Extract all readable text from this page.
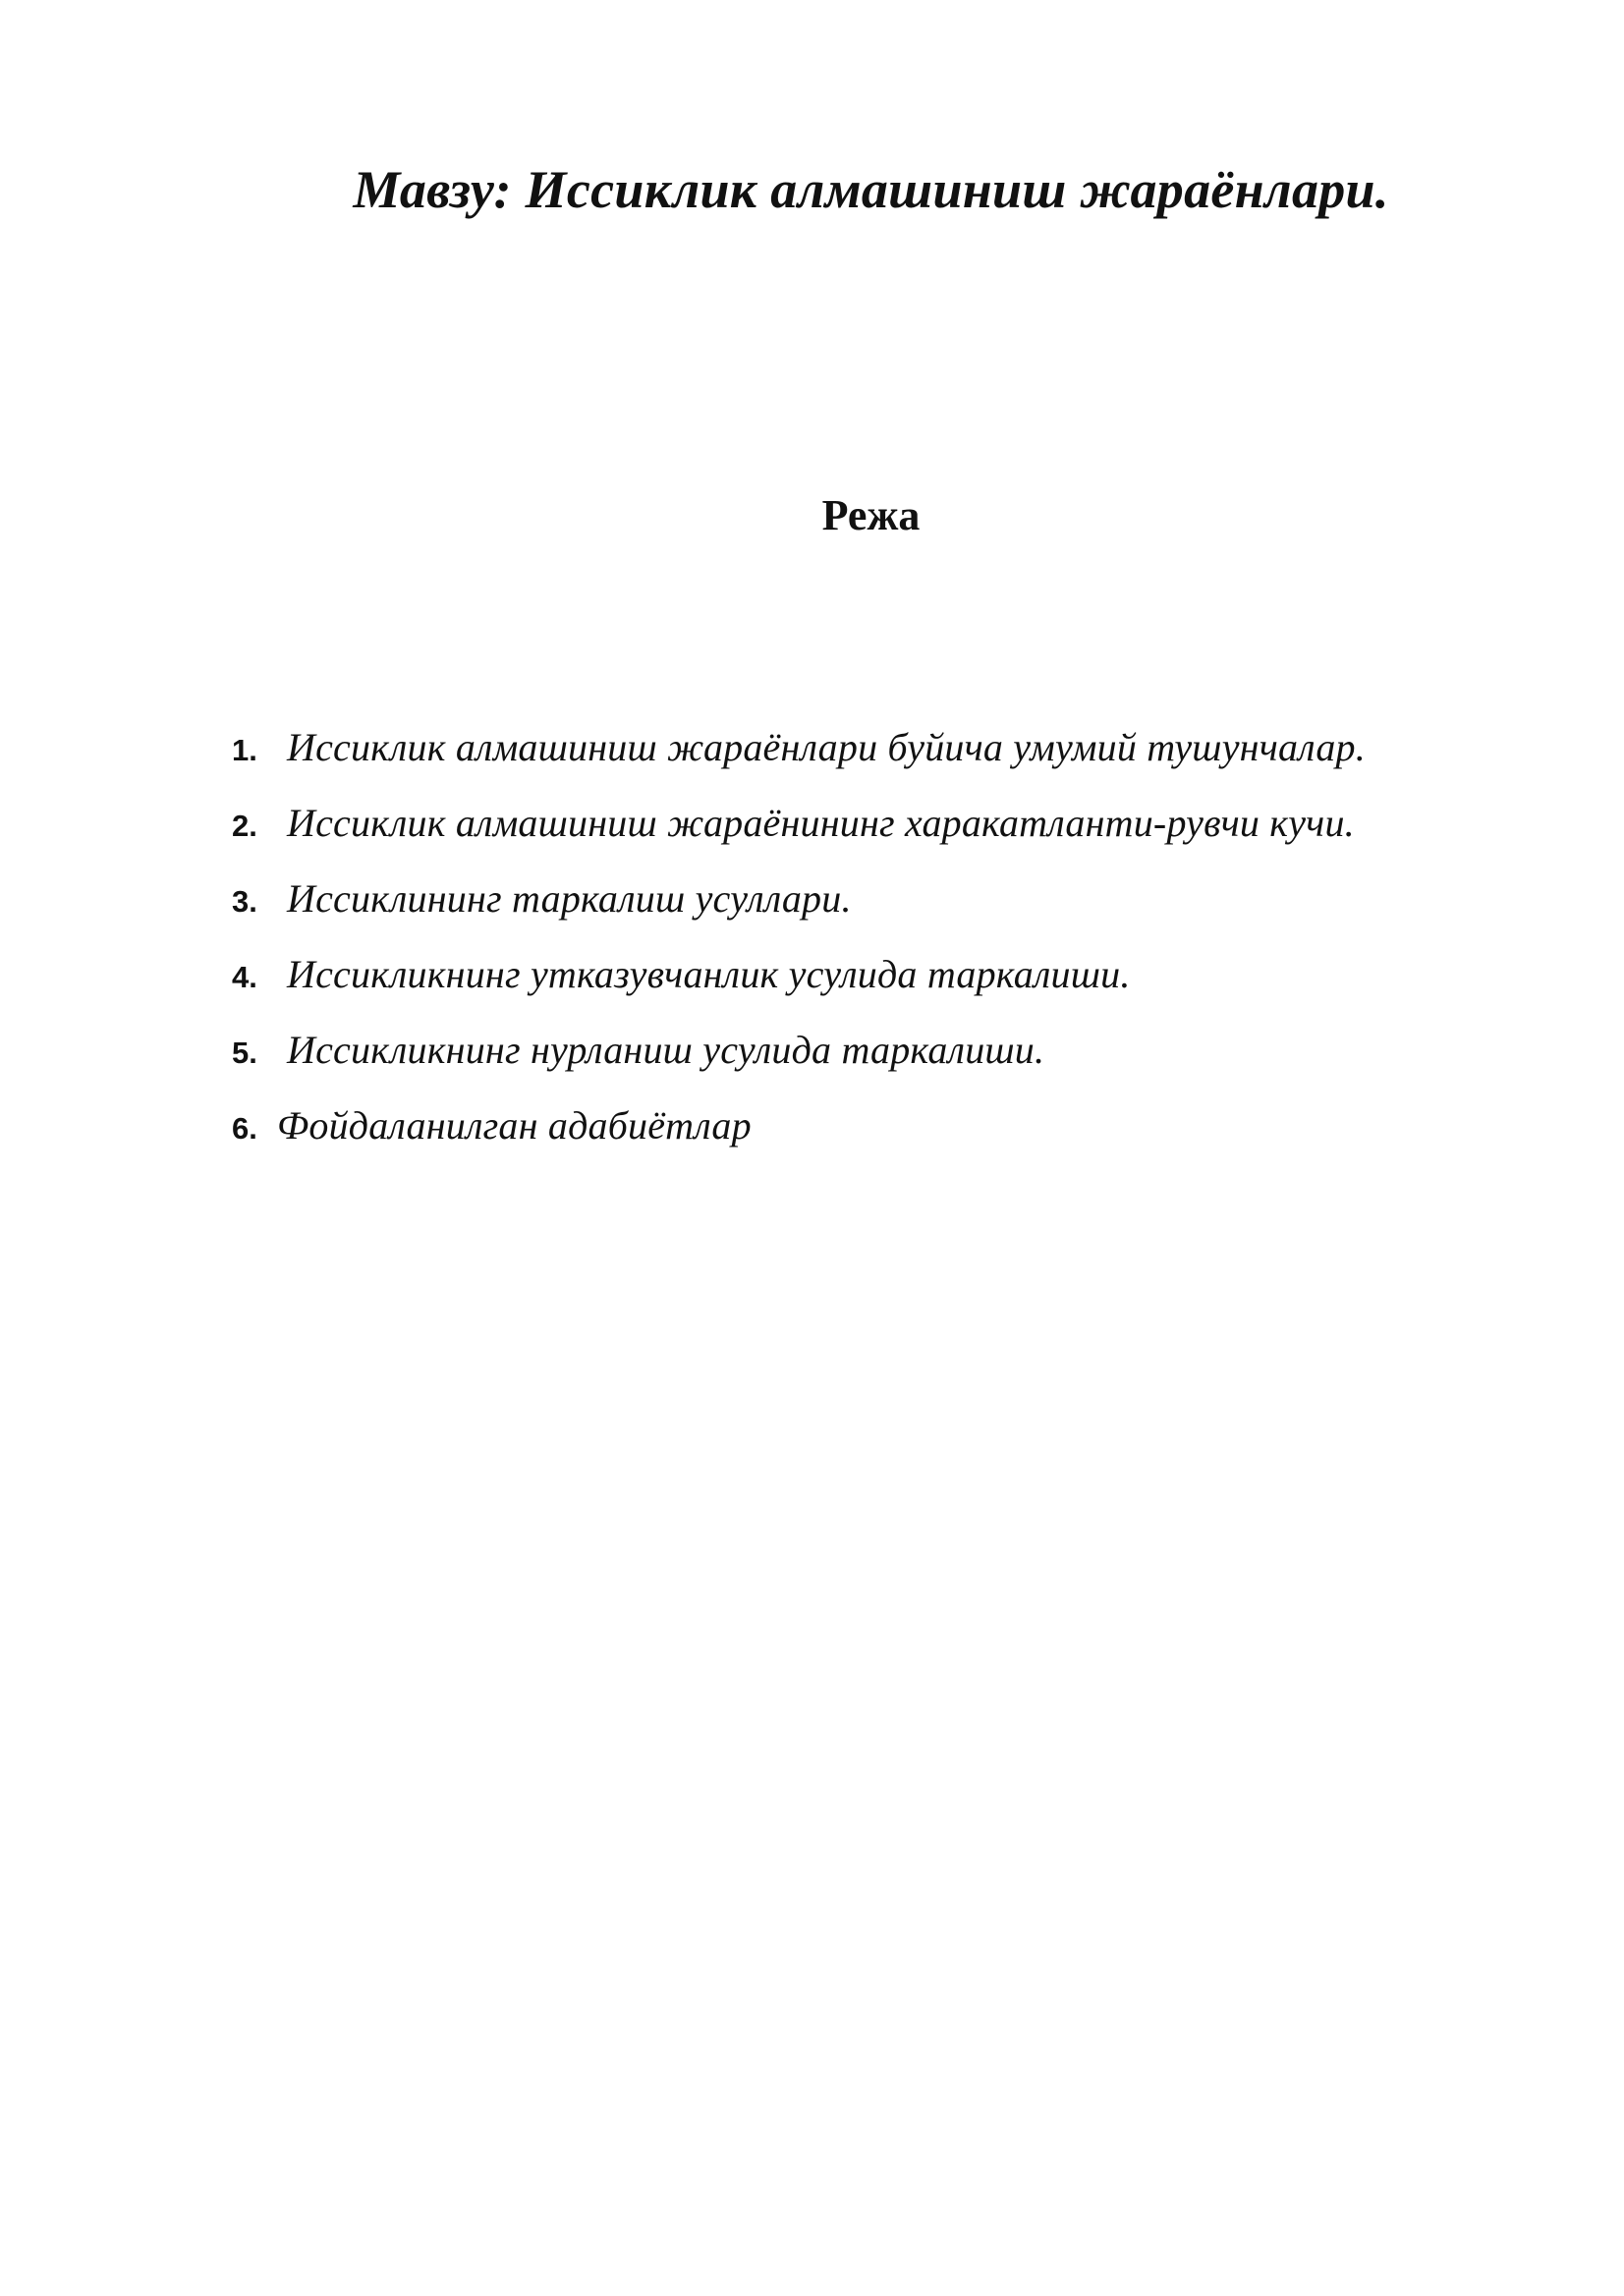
Мавзу: Иссиклик алмашиниш жараёнлари.
Режа
1. Иссиклик алмашиниш жараёнлари буйича умумий тушунчалар.
2. Иссиклик алмашиниш жараёнининг харакатланти-рувчи кучи.
3. Иссиклининг таркалиш усуллари.
4. Иссикликнинг утказувчанлик усулида таркалиши.
5. Иссикликнинг нурланиш усулида таркалиши.
6. Фойдаланилган адабиётлар
